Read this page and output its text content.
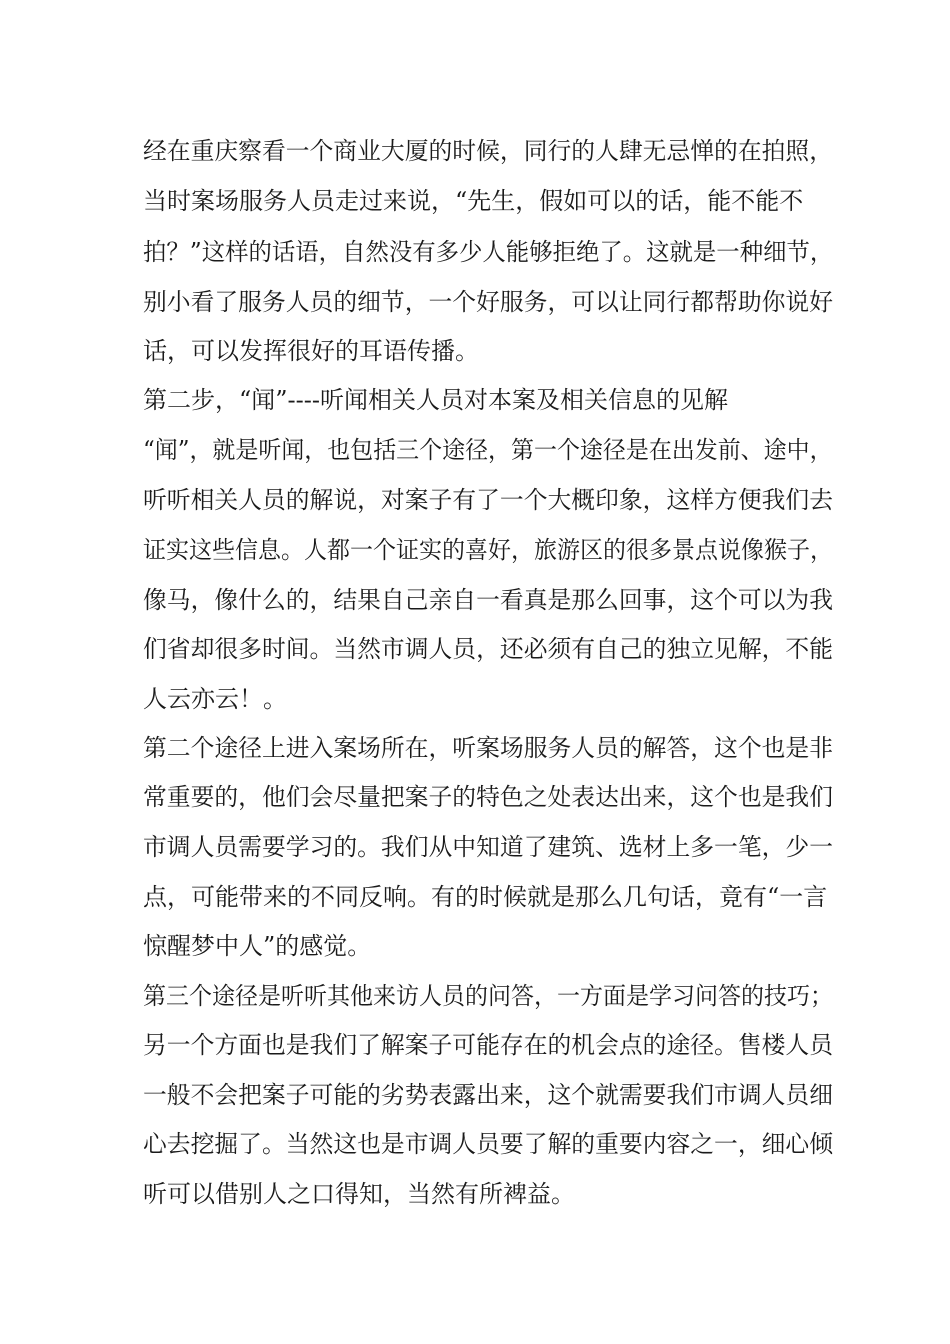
经在重庆察看一个商业大厦的时候，同行的人肆无忌惮的在拍照，
当时案场服务人员走过来说，“先生，假如可以的话，能不能不
拍？”这样的话语，自然没有多少人能够拒绝了。这就是一种细节，
别小看了服务人员的细节，一个好服务，可以让同行都帮助你说好
话，可以发挥很好的耳语传播。
第二步，“闻”----听闻相关人员对本案及相关信息的见解
“闻”，就是听闻，也包括三个途径，第一个途径是在出发前、途中，
听听相关人员的解说，对案子有了一个大概印象，这样方便我们去
证实这些信息。人都一个证实的喜好，旅游区的很多景点说像猴子，
像马，像什么的，结果自己亲自一看真是那么回事，这个可以为我
们省却很多时间。当然市调人员，还必须有自己的独立见解，不能
人云亦云！。
第二个途径上进入案场所在，听案场服务人员的解答，这个也是非
常重要的，他们会尽量把案子的特色之处表达出来，这个也是我们
市调人员需要学习的。我们从中知道了建筑、选材上多一笔，少一
点，可能带来的不同反响。有的时候就是那么几句话，竟有“一言
惊醒梦中人”的感觉。
第三个途径是听听其他来访人员的问答，一方面是学习问答的技巧；
另一个方面也是我们了解案子可能存在的机会点的途径。售楼人员
一般不会把案子可能的劣势表露出来，这个就需要我们市调人员细
心去挖掘了。当然这也是市调人员要了解的重要内容之一，细心倾
听可以借别人之口得知，当然有所裨益。
